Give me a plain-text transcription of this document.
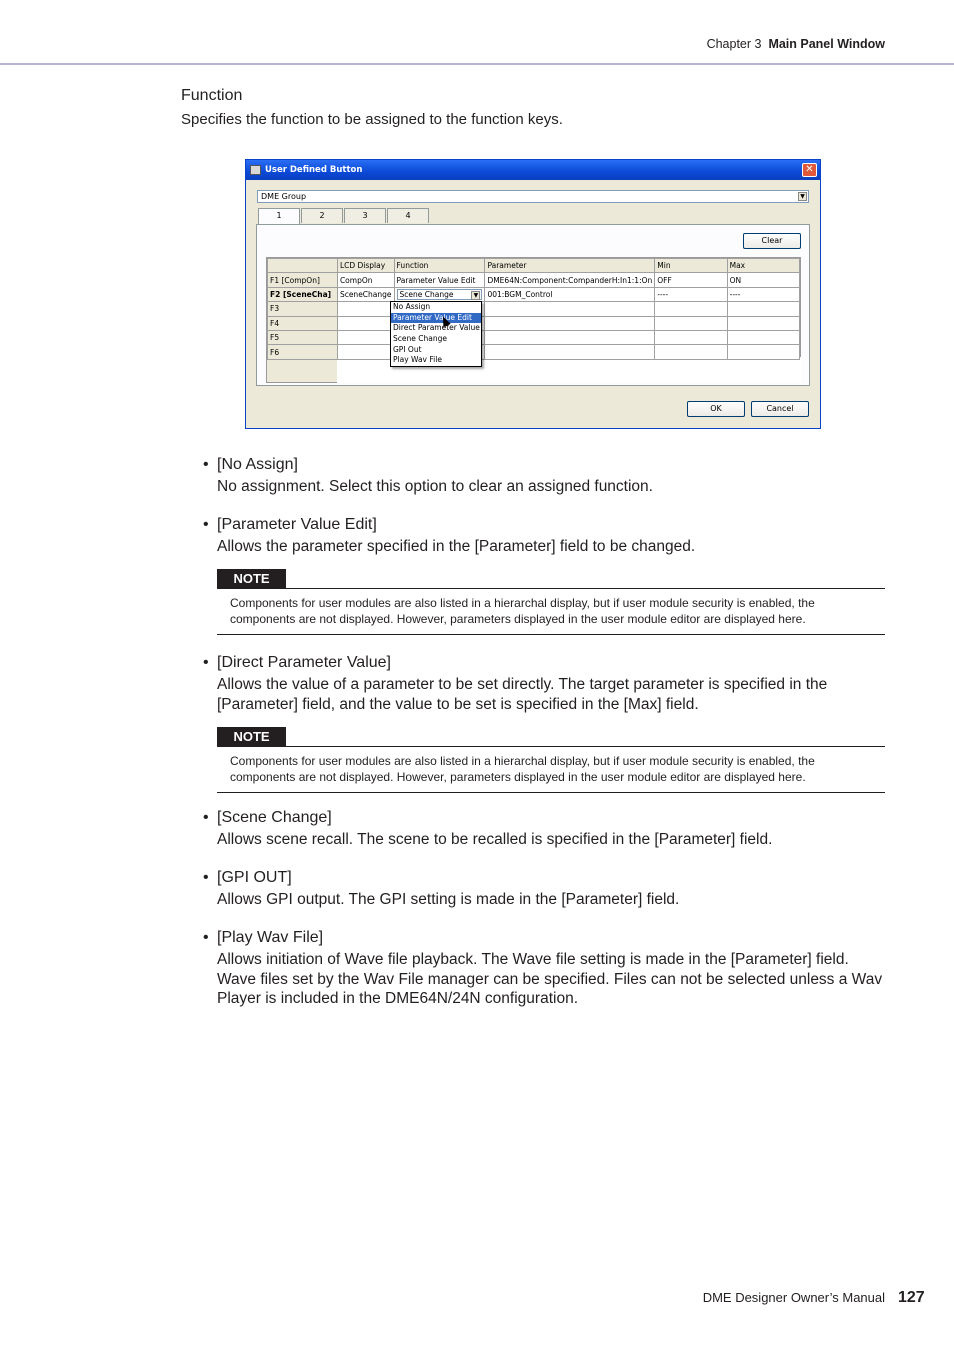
Chapter 3 Main Panel Window
Function
Specifies the function to be assigned to the function keys.
User Defined Button	✕
DME Group	▼
1	2	3	4
Clear
	LCD Display	Function	Parameter	Min	Max
F1 [CompOn]	CompOn	Parameter Value Edit	DME64N:Component:CompanderH:In1:1:On	OFF	ON
F2 [SceneCha]	SceneChange	Scene Change ▼	001:BGM_Control	----	----
F3					
F4					
F5					
F6					
No Assign
Parameter Value Edit
Direct Parameter Value
Scene Change
GPI Out
Play Wav File
OK	Cancel
• [No Assign]
No assignment. Select this option to clear an assigned function.
• [Parameter Value Edit]
Allows the parameter specified in the [Parameter] field to be changed.
NOTE
Components for user modules are also listed in a hierarchal display, but if user module security is enabled, the components are not displayed. However, parameters displayed in the user module editor are displayed here.
• [Direct Parameter Value]
Allows the value of a parameter to be set directly. The target parameter is specified in the [Parameter] field, and the value to be set is specified in the [Max] field.
NOTE
Components for user modules are also listed in a hierarchal display, but if user module security is enabled, the components are not displayed. However, parameters displayed in the user module editor are displayed here.
• [Scene Change]
Allows scene recall. The scene to be recalled is specified in the [Parameter] field.
• [GPI OUT]
Allows GPI output. The GPI setting is made in the [Parameter] field.
• [Play Wav File]
Allows initiation of Wave file playback. The Wave file setting is made in the [Parameter] field. Wave files set by the Wav File manager can be specified. Files can not be selected unless a Wav Player is included in the DME64N/24N configuration.
DME Designer Owner’s Manual 127
